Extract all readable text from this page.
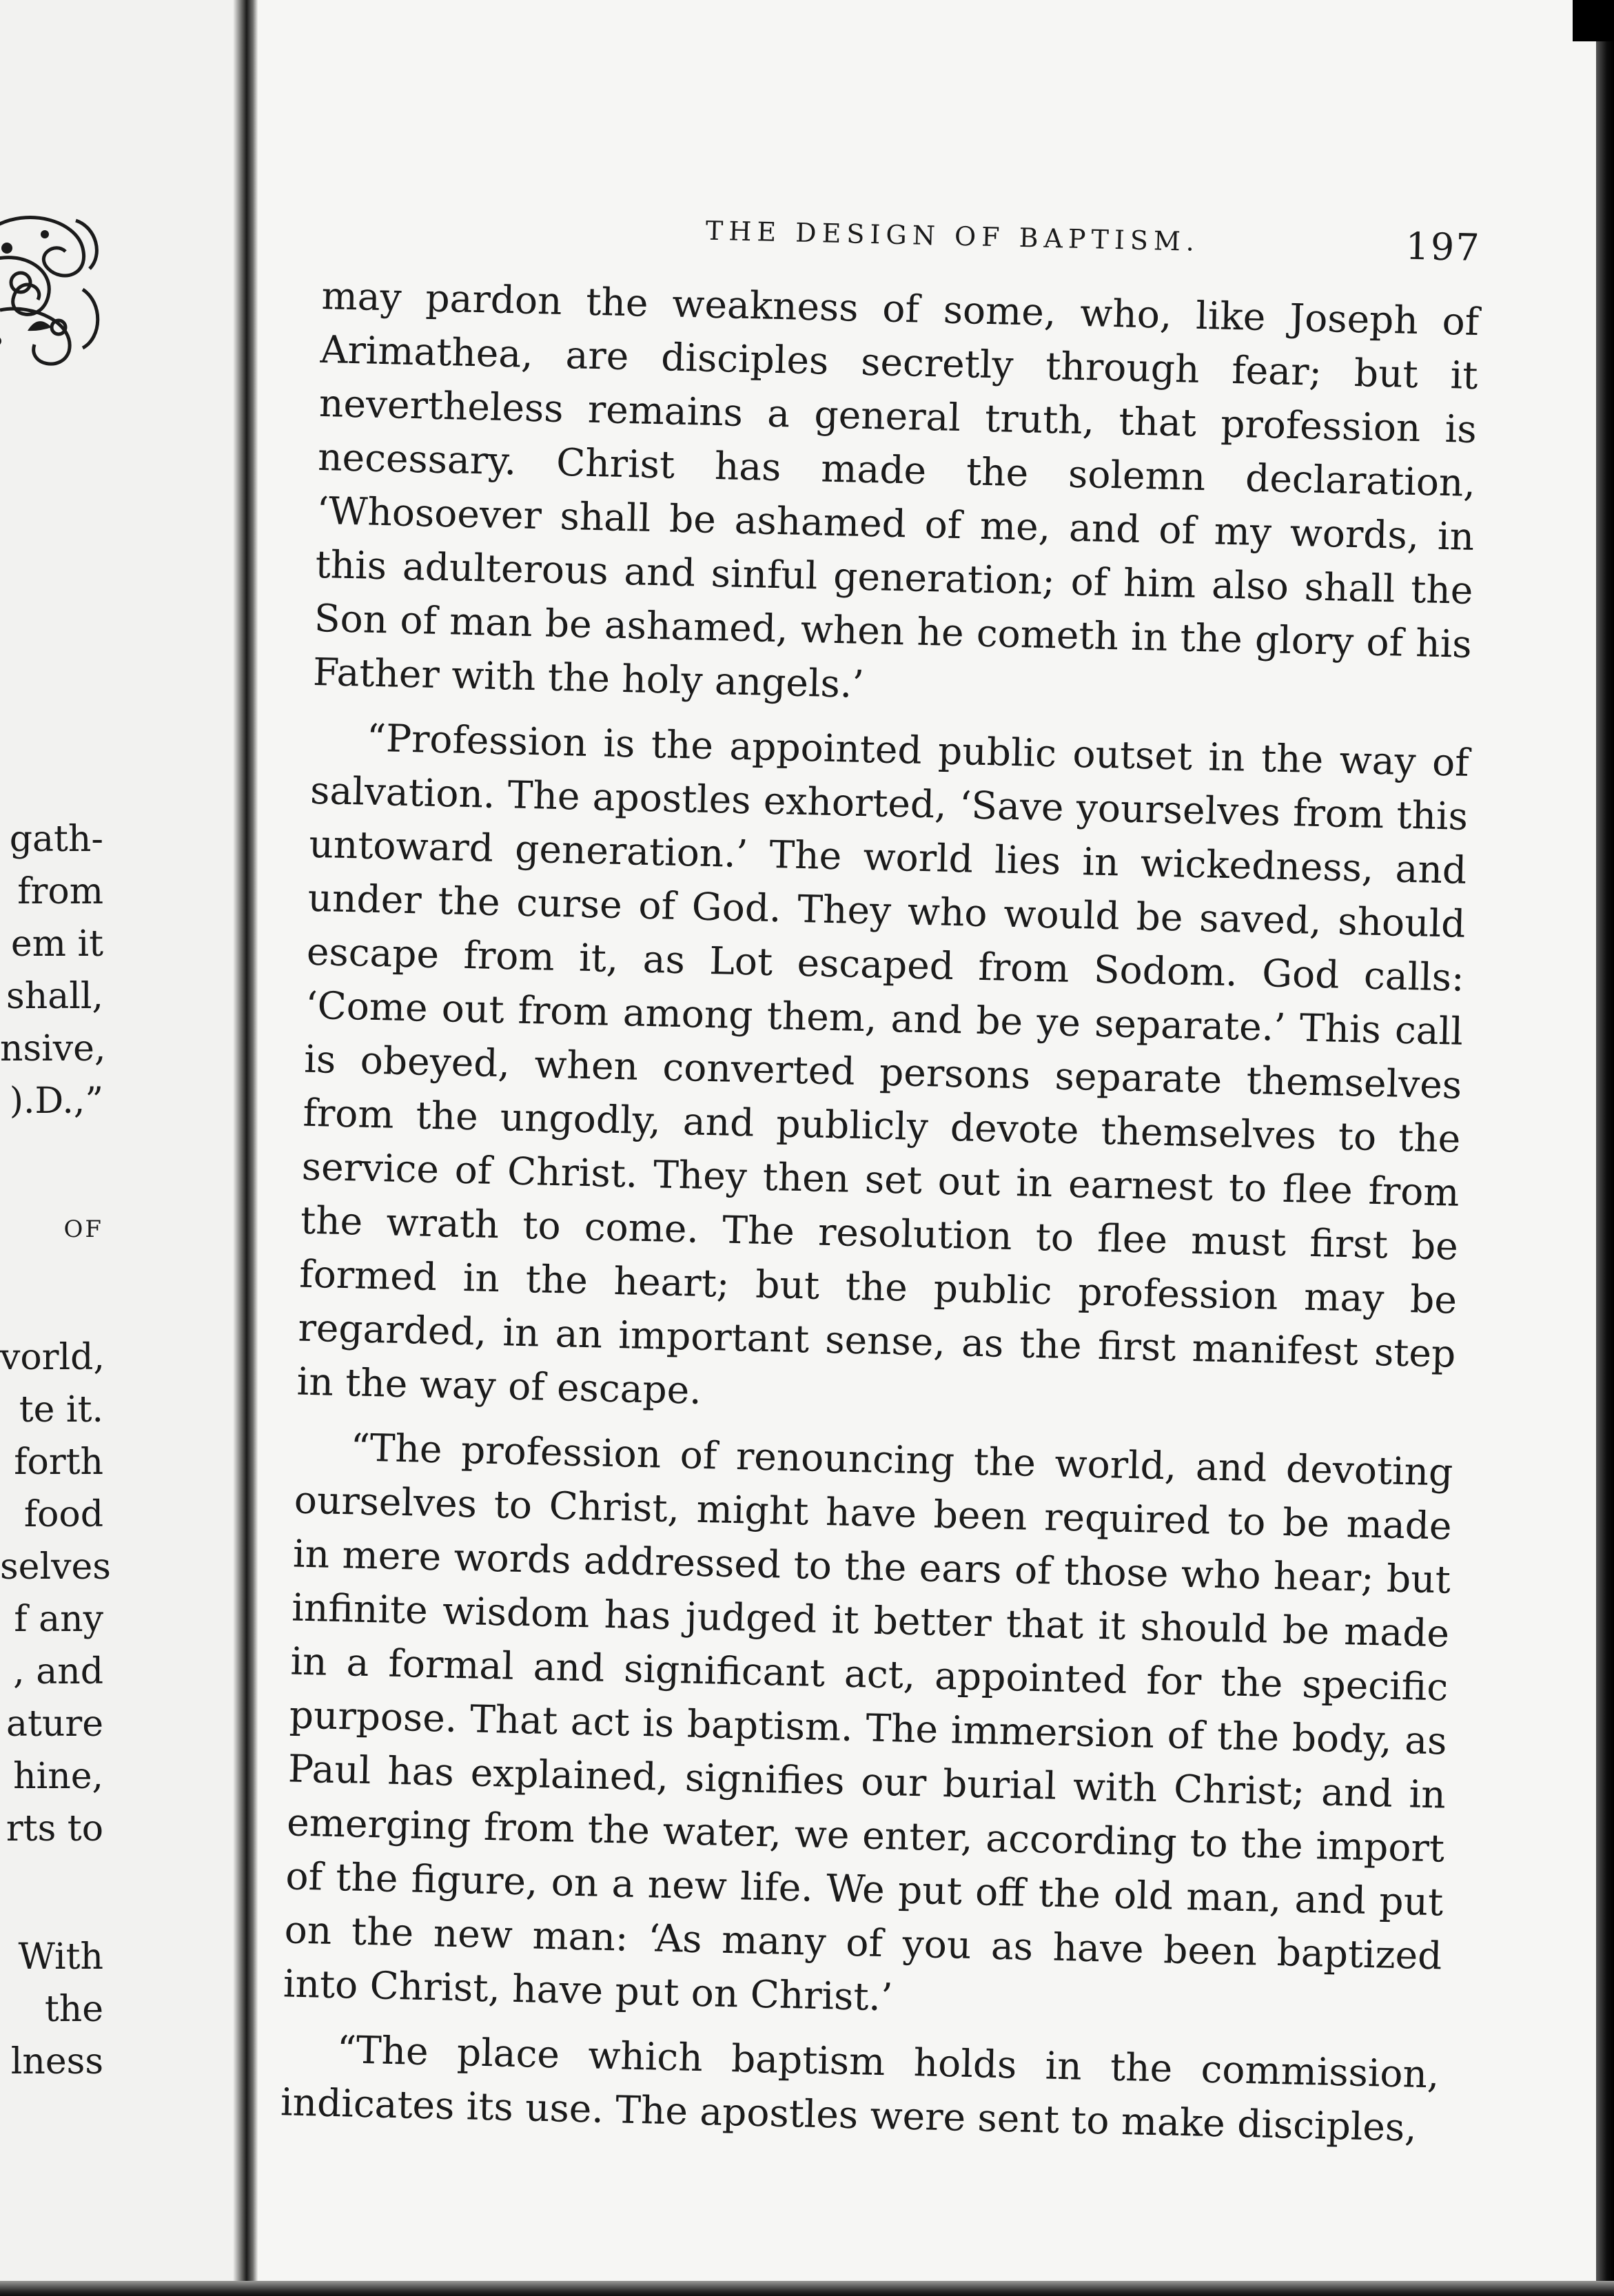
gath-
from
em it
shall,
nsive,
).D.,”
OF
vorld,
te it.
forth
food
selves
f any
, and
ature
hine,
rts to
With
the
lness
THE DESIGN OF BAPTISM.	197

may pardon the weakness of some, who, like Joseph of Arimathea, are disciples secretly through fear; but it nevertheless remains a general truth, that profession is necessary. Christ has made the solemn declaration, ‘Whosoever shall be ashamed of me, and of my words, in this adulterous and sinful generation; of him also shall the Son of man be ashamed, when he cometh in the glory of his Father with the holy angels.’

“Profession is the appointed public outset in the way of salvation. The apostles exhorted, ‘Save yourselves from this untoward generation.’ The world lies in wickedness, and under the curse of God. They who would be saved, should escape from it, as Lot escaped from Sodom. God calls: ‘Come out from among them, and be ye separate.’ This call is obeyed, when converted persons separate themselves from the ungodly, and publicly devote themselves to the service of Christ. They then set out in earnest to flee from the wrath to come. The resolution to flee must first be formed in the heart; but the public profession may be regarded, in an important sense, as the first manifest step in the way of escape.

“The profession of renouncing the world, and devoting ourselves to Christ, might have been required to be made in mere words addressed to the ears of those who hear; but infinite wisdom has judged it better that it should be made in a formal and significant act, appointed for the specific purpose. That act is baptism. The immersion of the body, as Paul has explained, signifies our burial with Christ; and in emerging from the water, we enter, according to the import of the figure, on a new life. We put off the old man, and put on the new man: ‘As many of you as have been baptized into Christ, have put on Christ.’

“The place which baptism holds in the commission, indicates its use. The apostles were sent to make disciples,
